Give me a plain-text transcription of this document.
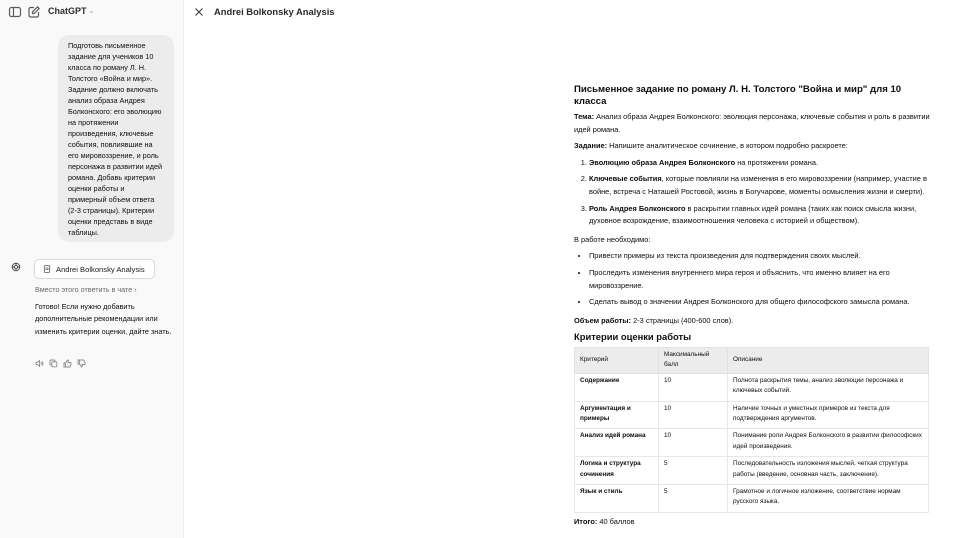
ChatGPT ⌄
Подготовь письменное задание для учеников 10 класса по роману Л. Н. Толстого «Война и мир». Задание должно включать анализ образа Андрея Болконского: его эволюцию на протяжении произведения, ключевые события, повлиявшие на его мировоззрение, и роль персонажа в развитии идей романа. Добавь критерии оценки работы и примерный объем ответа (2-3 страницы). Критерии оценки представь в виде таблицы.
Andrei Bolkonsky Analysis
Вместо этого ответить в чате ›
Готово! Если нужно добавить дополнительные рекомендации или изменить критерии оценки, дайте знать.
Andrei Bolkonsky Analysis
Письменное задание по роману Л. Н. Толстого "Война и мир" для 10 класса

Тема: Анализ образа Андрея Болконского: эволюция персонажа, ключевые события и роль в развитии идей романа.

Задание: Напишите аналитическое сочинение, в котором подробно раскроете:

1. Эволюцию образа Андрея Болконского на протяжении романа.
2. Ключевые события, которые повлияли на изменения в его мировоззрении (например, участие в войне, встреча с Наташей Ростовой, жизнь в Богучарове, моменты осмысления жизни и смерти).
3. Роль Андрея Болконского в раскрытии главных идей романа (таких как поиск смысла жизни, духовное возрождение, взаимоотношения человека с историей и обществом).

В работе необходимо:

• Привести примеры из текста произведения для подтверждения своих мыслей.
• Проследить изменения внутреннего мира героя и объяснить, что именно влияет на его мировоззрение.
• Сделать вывод о значении Андрея Болконского для общего философского замысла романа.

Объем работы: 2-3 страницы (400-600 слов).

Критерии оценки работы
Критерий	Максимальный балл	Описание
Содержание	10	Полнота раскрытия темы, анализ эволюции персонажа и ключевых событий.
Аргументация и примеры	10	Наличие точных и уместных примеров из текста для подтверждения аргументов.
Анализ идей романа	10	Понимание роли Андрея Болконского в развитии философских идей произведения.
Логика и структура сочинения	5	Последовательность изложения мыслей, четкая структура работы (введение, основная часть, заключение).
Язык и стиль	5	Грамотное и логичное изложение, соответствие нормам русского языка.

Итого: 40 баллов
